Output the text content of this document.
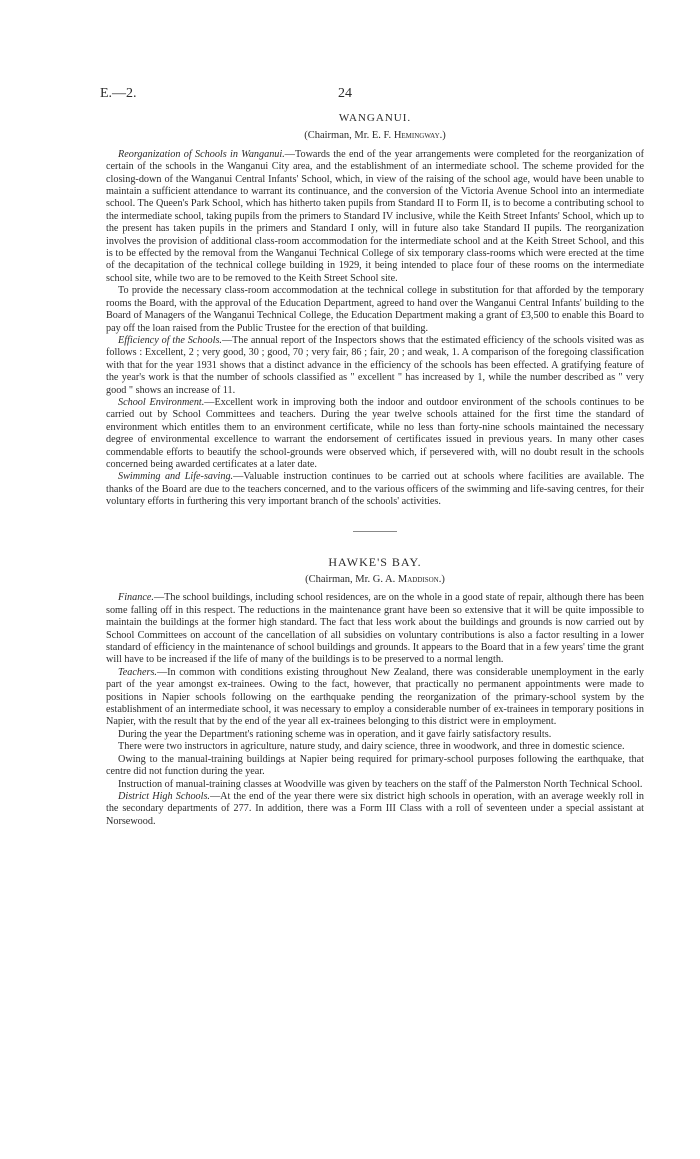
E.—2.	24
WANGANUI.
(Chairman, Mr. E. F. Hemingway.)

Reorganization of Schools in Wanganui.—Towards the end of the year arrangements were completed for the reorganization of certain of the schools in the Wanganui City area, and the establishment of an intermediate school. The scheme provided for the closing-down of the Wanganui Central Infants' School, which, in view of the raising of the school age, would have been unable to maintain a sufficient attendance to warrant its continuance, and the conversion of the Victoria Avenue School into an intermediate school. The Queen's Park School, which has hitherto taken pupils from Standard II to Form II, is to become a contributing school to the intermediate school, taking pupils from the primers to Standard IV inclusive, while the Keith Street Infants' School, which up to the present has taken pupils in the primers and Standard I only, will in future also take Standard II pupils. The reorganization involves the provision of additional class-room accommodation for the intermediate school and at the Keith Street School, and this is to be effected by the removal from the Wanganui Technical College of six temporary class-rooms which were erected at the time of the decapitation of the technical college building in 1929, it being intended to place four of these rooms on the intermediate school site, while two are to be removed to the Keith Street School site.

To provide the necessary class-room accommodation at the technical college in substitution for that afforded by the temporary rooms the Board, with the approval of the Education Department, agreed to hand over the Wanganui Central Infants' building to the Board of Managers of the Wanganui Technical College, the Education Department making a grant of £3,500 to enable this Board to pay off the loan raised from the Public Trustee for the erection of that building.

Efficiency of the Schools.—The annual report of the Inspectors shows that the estimated efficiency of the schools visited was as follows : Excellent, 2 ; very good, 30 ; good, 70 ; very fair, 86 ; fair, 20 ; and weak, 1. A comparison of the foregoing classification with that for the year 1931 shows that a distinct advance in the efficiency of the schools has been effected. A gratifying feature of the year's work is that the number of schools classified as " excellent " has increased by 1, while the number described as " very good " shows an increase of 11.

School Environment.—Excellent work in improving both the indoor and outdoor environment of the schools continues to be carried out by School Committees and teachers. During the year twelve schools attained for the first time the standard of environment which entitles them to an environment certificate, while no less than forty-nine schools maintained the necessary degree of environmental excellence to warrant the endorsement of certificates issued in previous years. In many other cases commendable efforts to beautify the school-grounds were observed which, if persevered with, will no doubt result in the schools concerned being awarded certificates at a later date.

Swimming and Life-saving.—Valuable instruction continues to be carried out at schools where facilities are available. The thanks of the Board are due to the teachers concerned, and to the various officers of the swimming and life-saving centres, for their voluntary efforts in furthering this very important branch of the schools' activities.

HAWKE'S BAY.
(Chairman, Mr. G. A. Maddison.)

Finance.—The school buildings, including school residences, are on the whole in a good state of repair, although there has been some falling off in this respect. The reductions in the maintenance grant have been so extensive that it will be quite impossible to maintain the buildings at the former high standard. The fact that less work about the buildings and grounds is now carried out by School Committees on account of the cancellation of all subsidies on voluntary contributions is also a factor resulting in a lower standard of efficiency in the maintenance of school buildings and grounds. It appears to the Board that in a few years' time the grant will have to be increased if the life of many of the buildings is to be preserved to a normal length.

Teachers.—In common with conditions existing throughout New Zealand, there was considerable unemployment in the early part of the year amongst ex-trainees. Owing to the fact, however, that practically no permanent appointments were made to positions in Napier schools following on the earthquake pending the reorganization of the primary-school system by the establishment of an intermediate school, it was necessary to employ a considerable number of ex-trainees in temporary positions in Napier, with the result that by the end of the year all ex-trainees belonging to this district were in employment.

During the year the Department's rationing scheme was in operation, and it gave fairly satisfactory results.

There were two instructors in agriculture, nature study, and dairy science, three in woodwork, and three in domestic science.

Owing to the manual-training buildings at Napier being required for primary-school purposes following the earthquake, that centre did not function during the year.

Instruction of manual-training classes at Woodville was given by teachers on the staff of the Palmerston North Technical School.

District High Schools.—At the end of the year there were six district high schools in operation, with an average weekly roll in the secondary departments of 277. In addition, there was a Form III Class with a roll of seventeen under a special assistant at Norsewood.
